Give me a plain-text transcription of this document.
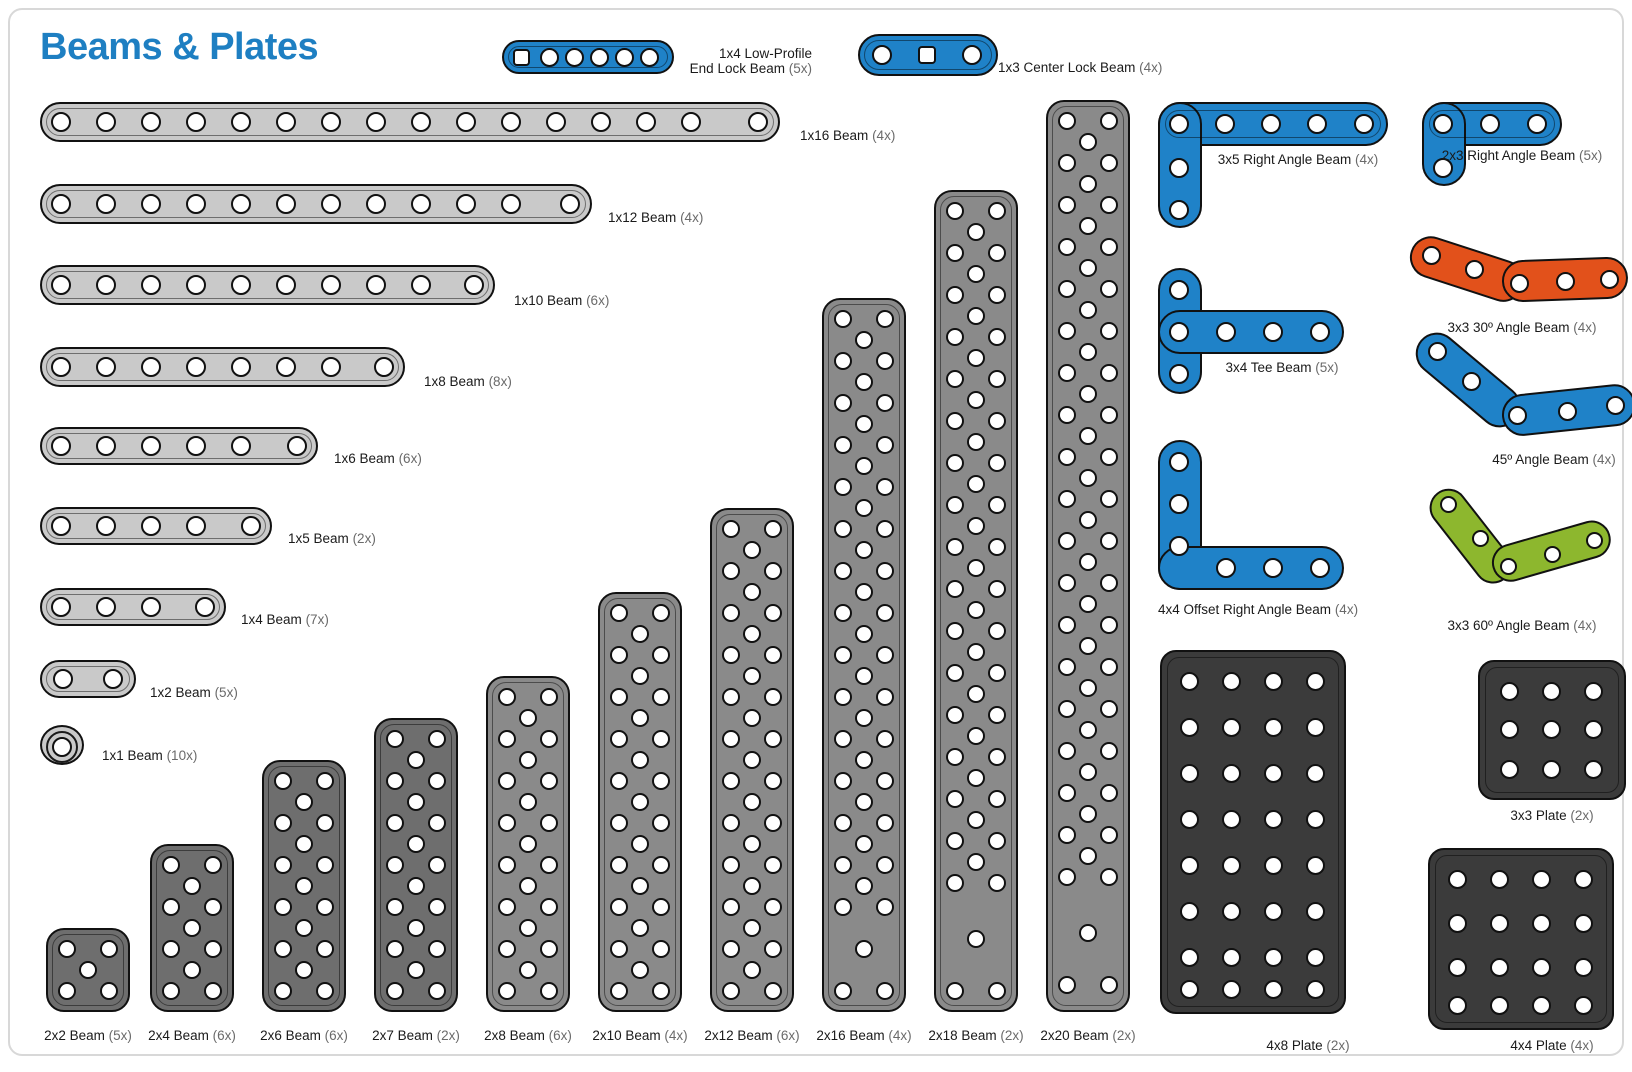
Beams & Plates	1x4 Low-Profile
End Lock Beam (5x)	1x3 Center Lock Beam (4x)
1x16 Beam (4x)
1x12 Beam (4x)
1x10 Beam (6x)
1x8 Beam (8x)
1x6 Beam (6x)
1x5 Beam (2x)
1x4 Beam (7x)
1x2 Beam (5x)
1x1 Beam (10x)
2x2 Beam (5x) 2x4 Beam (6x) 2x6 Beam (6x) 2x7 Beam (2x) 2x8 Beam (6x) 2x10 Beam (4x) 2x12 Beam (6x) 2x16 Beam (4x) 2x18 Beam (2x) 2x20 Beam (2x)
4x8 Plate (2x)
3x3 Plate (2x)
4x4 Plate (4x)
3x5 Right Angle Beam (4x)	2x3 Right Angle Beam (5x)
3x4 Tee Beam (5x)
4x4 Offset Right Angle Beam (4x)
3x3 30º Angle Beam (4x)
45º Angle Beam (4x)
3x3 60º Angle Beam (4x)
